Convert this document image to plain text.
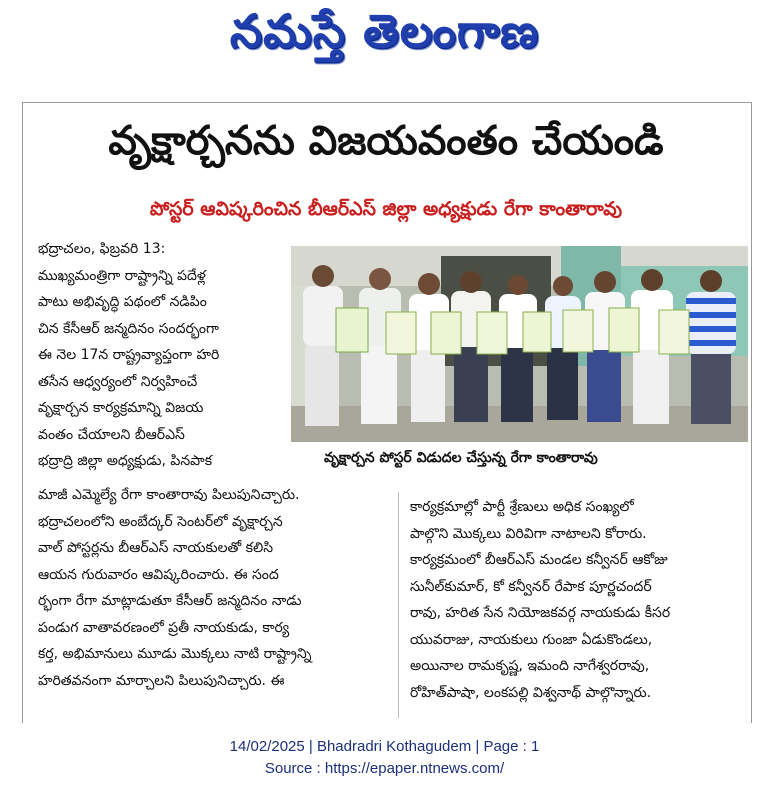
నమస్తే తెలంగాణ
వృక్షార్చనను విజయవంతం చేయండి
పోస్టర్ ఆవిష్కరించిన బీఆర్ఎస్ జిల్లా అధ్యక్షుడు రేగా కాంతారావు
భద్రాచలం, ఫిబ్రవరి 13:
ముఖ్యమంత్రిగా రాష్ట్రాన్ని పదేళ్ల
పాటు అభివృద్ధి పథంలో నడిపిం
చిన కేసీఆర్ జన్మదినం సందర్భంగా
ఈ నెల 17న రాష్ట్రవ్యాప్తంగా హరి
తసేన ఆధ్వర్యంలో నిర్వహించే
వృక్షార్చన కార్యక్రమాన్ని విజయ
వంతం చేయాలని బీఆర్ఎస్
భద్రాద్రి జిల్లా అధ్యక్షుడు, పినపాక	వృక్షార్చన పోస్టర్ విడుదల చేస్తున్న రేగా కాంతారావు
మాజీ ఎమ్మెల్యే రేగా కాంతారావు పిలుపునిచ్చారు.
భద్రాచలంలోని అంబేద్కర్ సెంటర్‌లో వృక్షార్చన
వాల్ పోస్టర్లను బీఆర్ఎస్ నాయకులతో కలిసి
ఆయన గురువారం ఆవిష్కరించారు. ఈ సంద
ర్భంగా రేగా మాట్లాడుతూ కేసీఆర్ జన్మదినం నాడు
పండుగ వాతావరణంలో ప్రతీ నాయకుడు, కార్య
కర్త, అభిమానులు మూడు మొక్కలు నాటి రాష్ట్రాన్ని
హరితవనంగా మార్చాలని పిలుపునిచ్చారు. ఈ
కార్యక్రమాల్లో పార్టీ శ్రేణులు అధిక సంఖ్యలో
పాల్గొని మొక్కలు విరివిగా నాటాలని కోరారు.
కార్యక్రమంలో బీఆర్ఎస్ మండల కన్వీనర్ ఆకోజు
సునీల్‌కుమార్, కో కన్వీనర్ రేపాక పూర్ణచందర్
రావు, హరిత సేన నియోజకవర్గ నాయకుడు కీసర
యువరాజు, నాయకులు గుంజా ఏడుకొండలు,
అయినాల రామకృష్ణ, ఇమంది నాగేశ్వరరావు,
రోహిత్‌పాషా, లంకపల్లి విశ్వనాథ్ పాల్గొన్నారు.
14/02/2025 | Bhadradri Kothagudem | Page : 1
Source : https://epaper.ntnews.com/
